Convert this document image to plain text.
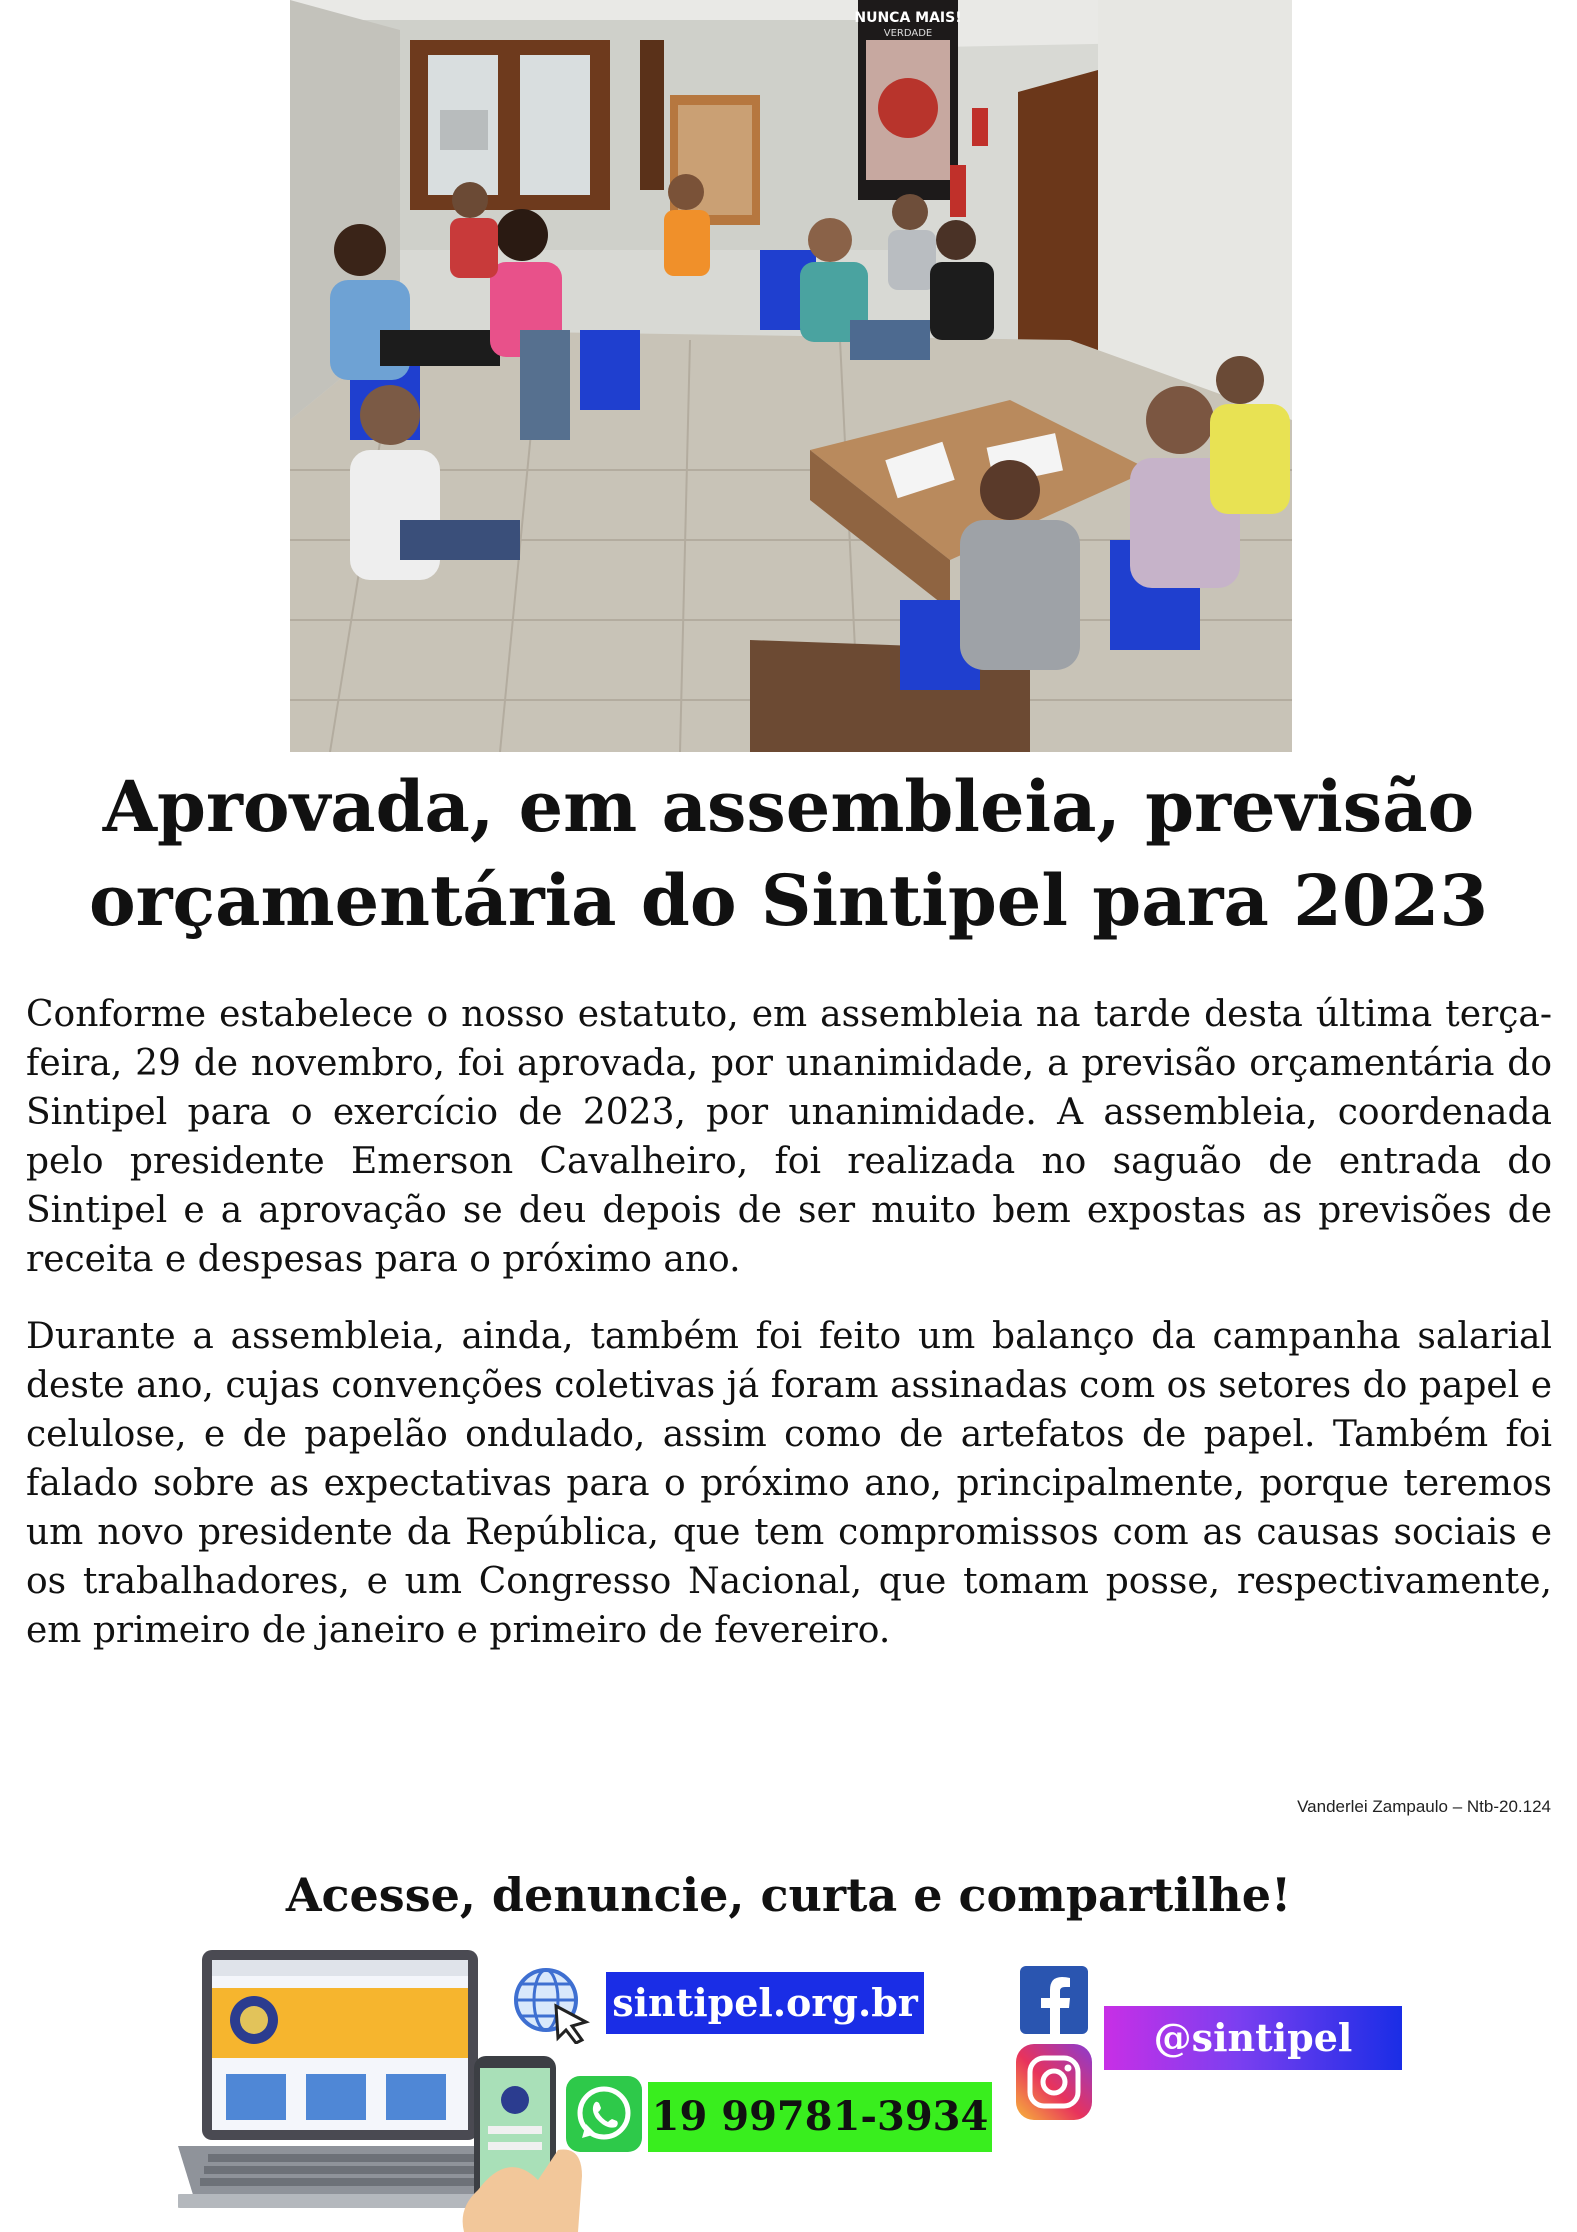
NUNCA MAIS!
VERDADE
Aprovada, em assembleia, previsão
orçamentária do Sintipel para 2023

Conforme estabelece o nosso estatuto, em assembleia na tarde desta última terça-feira, 29 de novembro, foi aprovada, por unanimidade, a previsão orçamentária do Sintipel para o exercício de 2023, por unanimidade. A assembleia, coordenada pelo presidente Emerson Cavalheiro, foi realizada no saguão de entrada do Sintipel e a aprovação se deu depois de ser muito bem expostas as previsões de receita e despesas para o próximo ano.

Durante a assembleia, ainda, também foi feito um balanço da campanha salarial deste ano, cujas convenções coletivas já foram assinadas com os setores do papel e celulose, e de papelão ondulado, assim como de artefatos de papel. Também foi falado sobre as expectativas para o próximo ano, principalmente, porque teremos um novo presidente da República, que tem compromissos com as causas sociais e os trabalhadores, e um Congresso Nacional, que tomam posse, respectivamente, em primeiro de janeiro e primeiro de fevereiro.

Vanderlei Zampaulo – Ntb-20.124
Acesse, denuncie, curta e compartilhe!
sintipel.org.br
19 99781-3934
@sintipel
